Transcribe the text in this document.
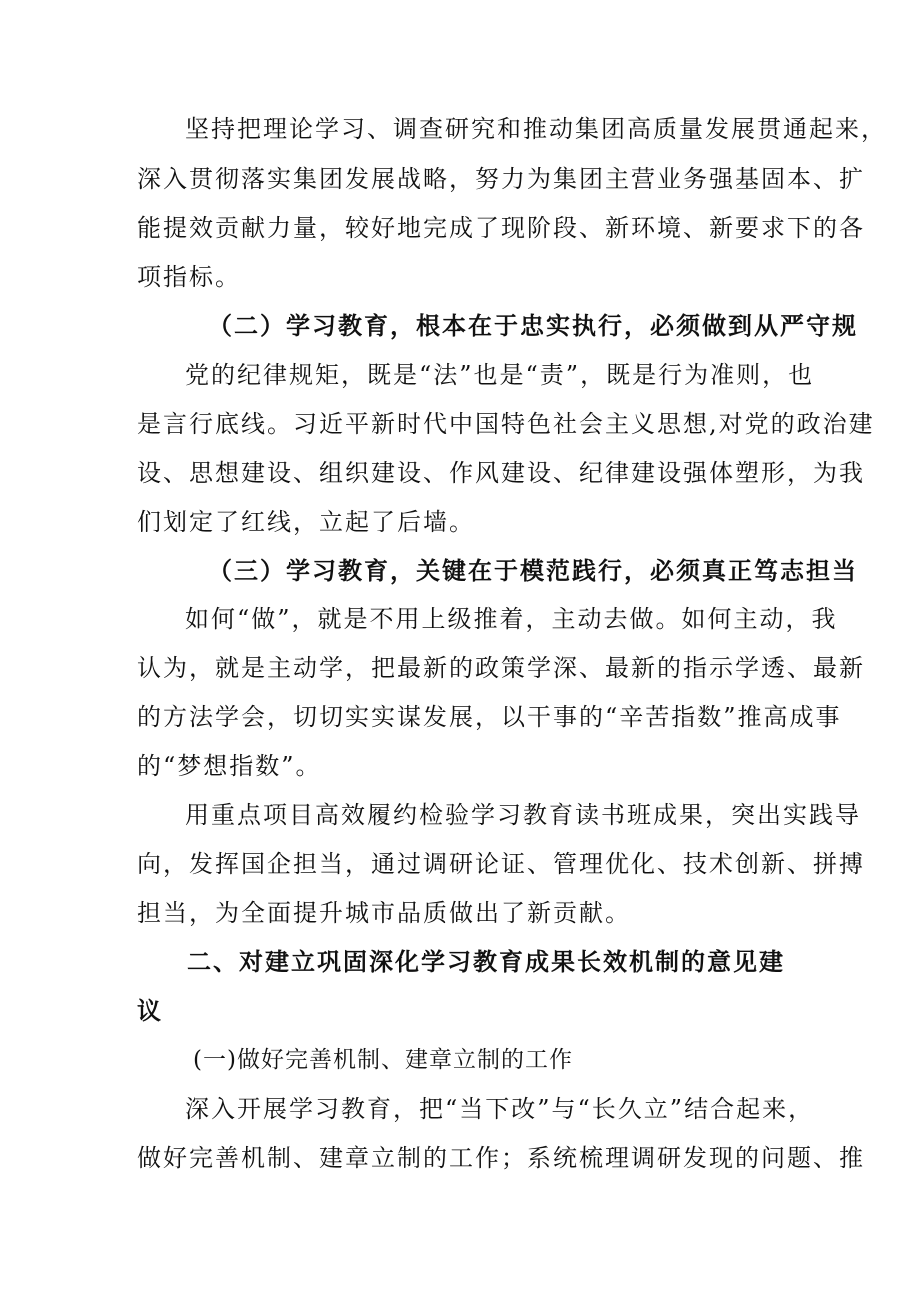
坚持把理论学习、调查研究和推动集团高质量发展贯通起来，
深入贯彻落实集团发展战略，努力为集团主营业务强基固本、扩
能提效贡献力量，较好地完成了现阶段、新环境、新要求下的各
项指标。
（二）学习教育，根本在于忠实执行，必须做到从严守规
党的纪律规矩，既是“法”也是“责”，既是行为准则，也
是言行底线。习近平新时代中国特色社会主义思想,对党的政治建
设、思想建设、组织建设、作风建设、纪律建设强体塑形，为我
们划定了红线，立起了后墙。
（三）学习教育，关键在于模范践行，必须真正笃志担当
如何“做”，就是不用上级推着，主动去做。如何主动，我
认为，就是主动学，把最新的政策学深、最新的指示学透、最新
的方法学会，切切实实谋发展，以干事的“辛苦指数”推高成事
的“梦想指数”。
用重点项目高效履约检验学习教育读书班成果，突出实践导
向，发挥国企担当，通过调研论证、管理优化、技术创新、拼搏
担当，为全面提升城市品质做出了新贡献。
二、对建立巩固深化学习教育成果长效机制的意见建
议
(一)做好完善机制、建章立制的工作
深入开展学习教育，把“当下改”与“长久立”结合起来，
做好完善机制、建章立制的工作；系统梳理调研发现的问题、推
